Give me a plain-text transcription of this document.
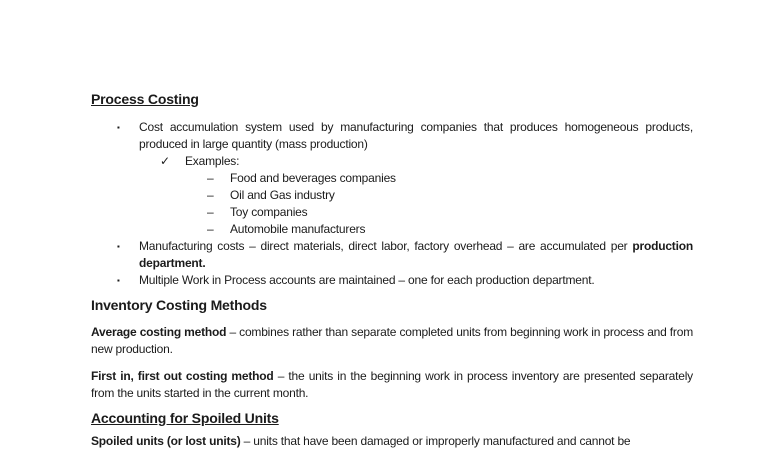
Process Costing
▪	Cost accumulation system used by manufacturing companies that produces homogeneous products, produced in large quantity (mass production)
✓	Examples:
–	Food and beverages companies
–	Oil and Gas industry
–	Toy companies
–	Automobile manufacturers
▪	Manufacturing costs – direct materials, direct labor, factory overhead – are accumulated per production department.
▪	Multiple Work in Process accounts are maintained – one for each production department.
Inventory Costing Methods

Average costing method – combines rather than separate completed units from beginning work in process and from new production.

First in, first out costing method – the units in the beginning work in process inventory are presented separately from the units started in the current month.

Accounting for Spoiled Units

Spoiled units (or lost units) – units that have been damaged or improperly manufactured and cannot be
